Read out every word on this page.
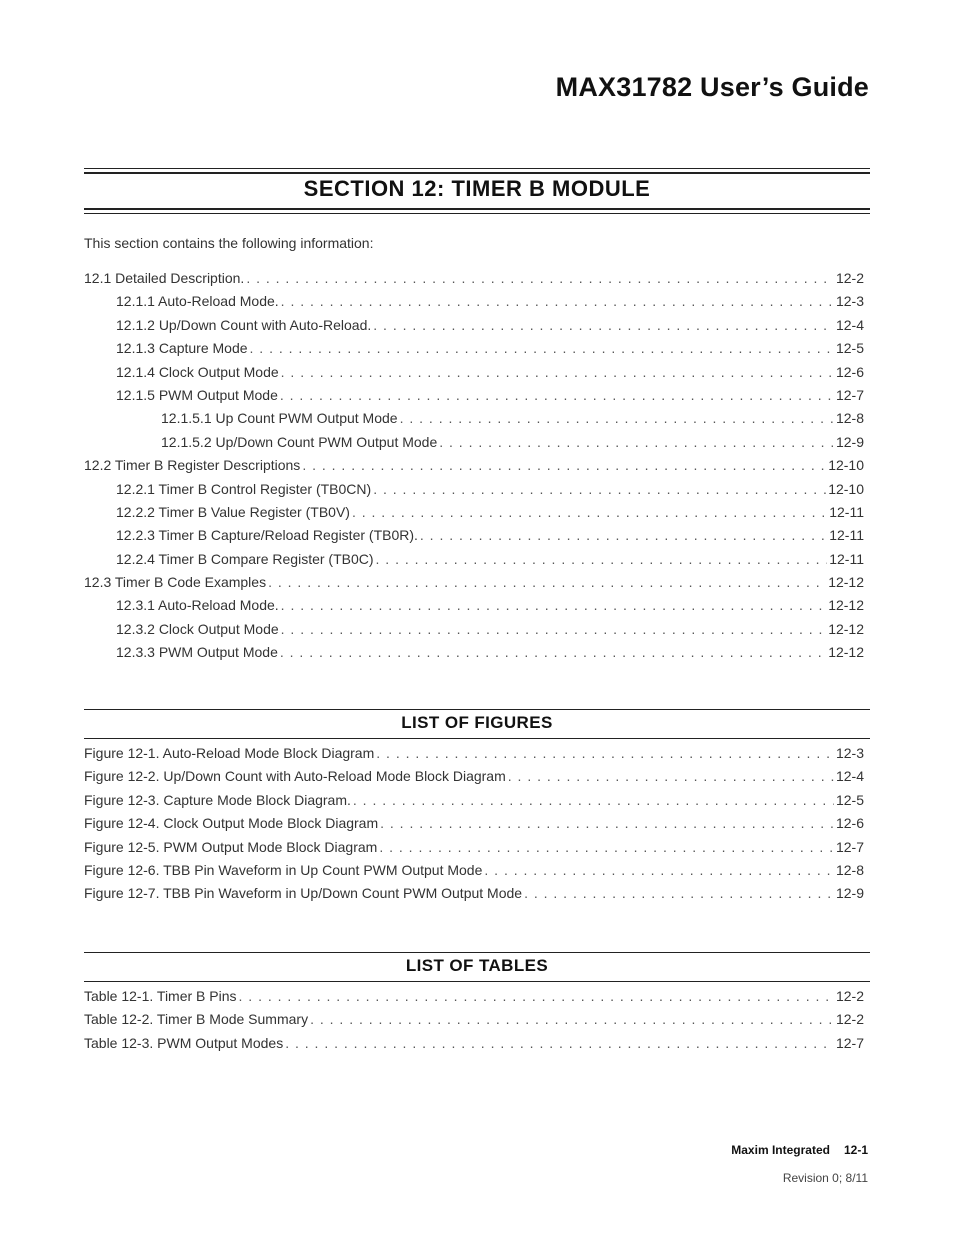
MAX31782 User’s Guide
SECTION 12: TIMER B MODULE
This section contains the following information:
12.1 Detailed Description. . . .	12-2
12.1.1 Auto-Reload Mode. . . .	12-3
12.1.2 Up/Down Count with Auto-Reload. . . .	12-4
12.1.3 Capture Mode . . .	12-5
12.1.4 Clock Output Mode . . .	12-6
12.1.5 PWM Output Mode . . .	12-7
12.1.5.1 Up Count PWM Output Mode . . .	12-8
12.1.5.2 Up/Down Count PWM Output Mode . . .	12-9
12.2 Timer B Register Descriptions . . .	12-10
12.2.1 Timer B Control Register (TB0CN) . . .	12-10
12.2.2 Timer B Value Register (TB0V) . . .	12-11
12.2.3 Timer B Capture/Reload Register (TB0R). . . .	12-11
12.2.4 Timer B Compare Register (TB0C) . . .	12-11
12.3 Timer B Code Examples . . .	12-12
12.3.1 Auto-Reload Mode. . . .	12-12
12.3.2 Clock Output Mode . . .	12-12
12.3.3 PWM Output Mode . . .	12-12
LIST OF FIGURES
Figure 12-1. Auto-Reload Mode Block Diagram . . .	12-3
Figure 12-2. Up/Down Count with Auto-Reload Mode Block Diagram . . .	12-4
Figure 12-3. Capture Mode Block Diagram. . . .	12-5
Figure 12-4. Clock Output Mode Block Diagram . . .	12-6
Figure 12-5. PWM Output Mode Block Diagram . . .	12-7
Figure 12-6. TBB Pin Waveform in Up Count PWM Output Mode . . .	12-8
Figure 12-7. TBB Pin Waveform in Up/Down Count PWM Output Mode . . .	12-9
LIST OF TABLES
Table 12-1. Timer B Pins . . .	12-2
Table 12-2. Timer B Mode Summary . . .	12-2
Table 12-3. PWM Output Modes . . .	12-7
Maxim Integrated 12-1
Revision 0; 8/11
